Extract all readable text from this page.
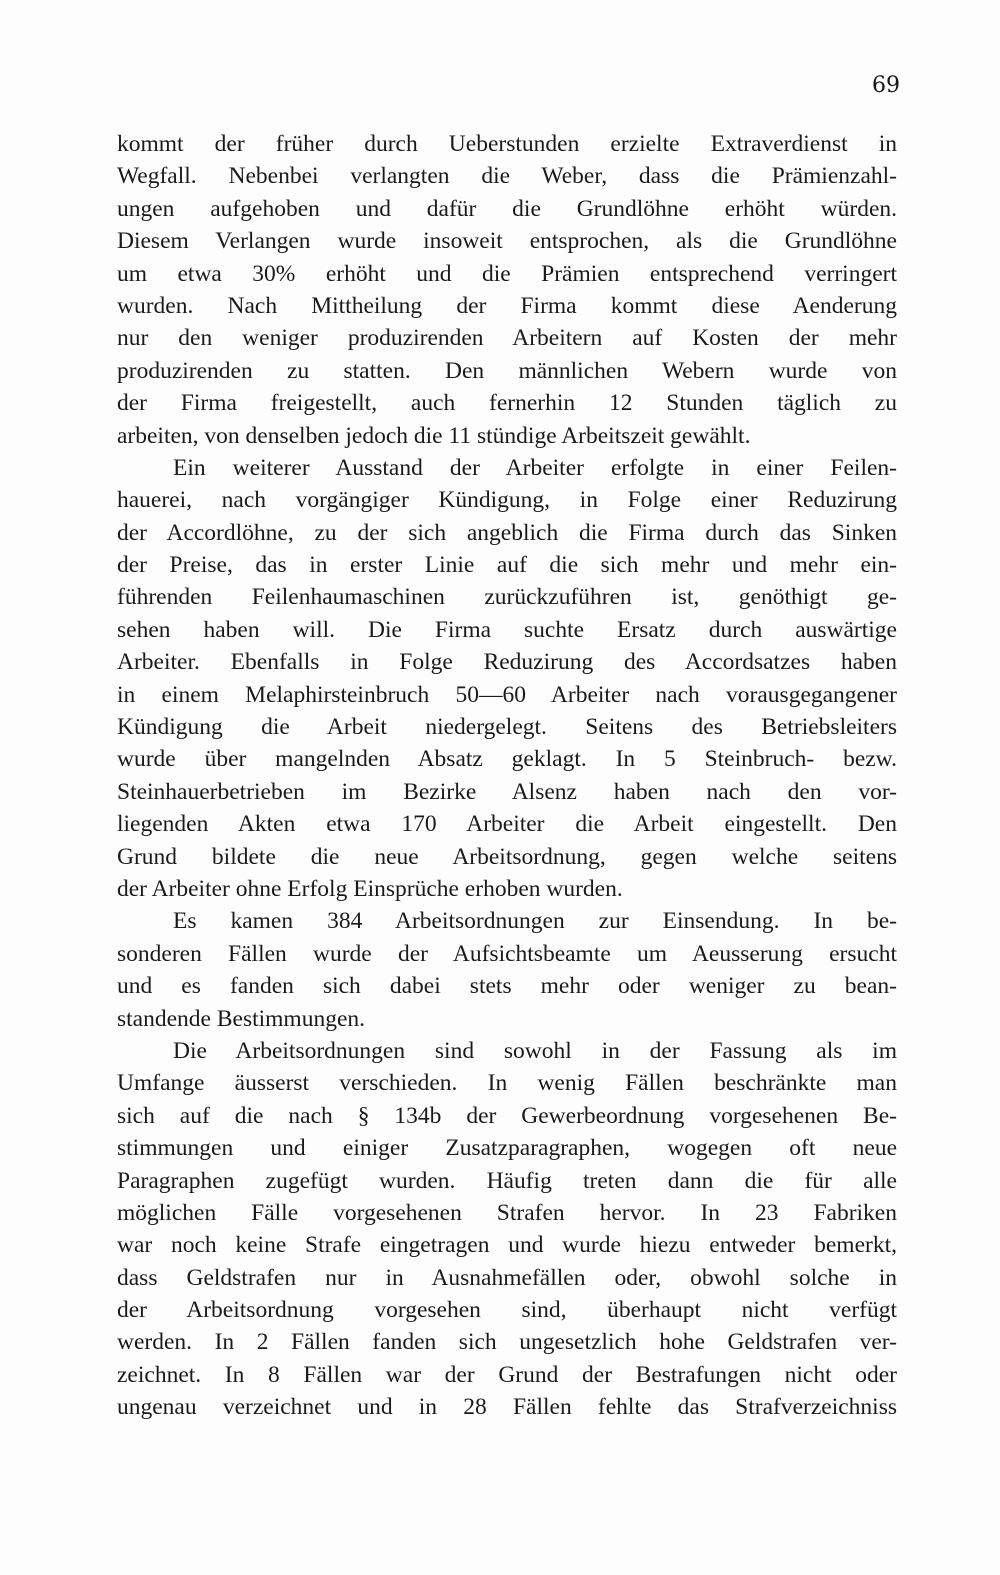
69
kommt der früher durch Ueberstunden erzielte Extraverdienst in
Wegfall. Nebenbei verlangten die Weber, dass die Prämienzahl-
ungen aufgehoben und dafür die Grundlöhne erhöht würden.
Diesem Verlangen wurde insoweit entsprochen, als die Grundlöhne
um etwa 30% erhöht und die Prämien entsprechend verringert
wurden. Nach Mittheilung der Firma kommt diese Aenderung
nur den weniger produzirenden Arbeitern auf Kosten der mehr
produzirenden zu statten. Den männlichen Webern wurde von
der Firma freigestellt, auch fernerhin 12 Stunden täglich zu
arbeiten, von denselben jedoch die 11 stündige Arbeitszeit gewählt.
Ein weiterer Ausstand der Arbeiter erfolgte in einer Feilen-
hauerei, nach vorgängiger Kündigung, in Folge einer Reduzirung
der Accordlöhne, zu der sich angeblich die Firma durch das Sinken
der Preise, das in erster Linie auf die sich mehr und mehr ein-
führenden Feilenhaumaschinen zurückzuführen ist, genöthigt ge-
sehen haben will. Die Firma suchte Ersatz durch auswärtige
Arbeiter. Ebenfalls in Folge Reduzirung des Accordsatzes haben
in einem Melaphirsteinbruch 50—60 Arbeiter nach vorausgegangener
Kündigung die Arbeit niedergelegt. Seitens des Betriebsleiters
wurde über mangelnden Absatz geklagt. In 5 Steinbruch- bezw.
Steinhauerbetrieben im Bezirke Alsenz haben nach den vor-
liegenden Akten etwa 170 Arbeiter die Arbeit eingestellt. Den
Grund bildete die neue Arbeitsordnung, gegen welche seitens
der Arbeiter ohne Erfolg Einsprüche erhoben wurden.
Es kamen 384 Arbeitsordnungen zur Einsendung. In be-
sonderen Fällen wurde der Aufsichtsbeamte um Aeusserung ersucht
und es fanden sich dabei stets mehr oder weniger zu bean-
standende Bestimmungen.
Die Arbeitsordnungen sind sowohl in der Fassung als im
Umfange äusserst verschieden. In wenig Fällen beschränkte man
sich auf die nach § 134b der Gewerbeordnung vorgesehenen Be-
stimmungen und einiger Zusatzparagraphen, wogegen oft neue
Paragraphen zugefügt wurden. Häufig treten dann die für alle
möglichen Fälle vorgesehenen Strafen hervor. In 23 Fabriken
war noch keine Strafe eingetragen und wurde hiezu entweder bemerkt,
dass Geldstrafen nur in Ausnahmefällen oder, obwohl solche in
der Arbeitsordnung vorgesehen sind, überhaupt nicht verfügt
werden. In 2 Fällen fanden sich ungesetzlich hohe Geldstrafen ver-
zeichnet. In 8 Fällen war der Grund der Bestrafungen nicht oder
ungenau verzeichnet und in 28 Fällen fehlte das Strafverzeichniss
